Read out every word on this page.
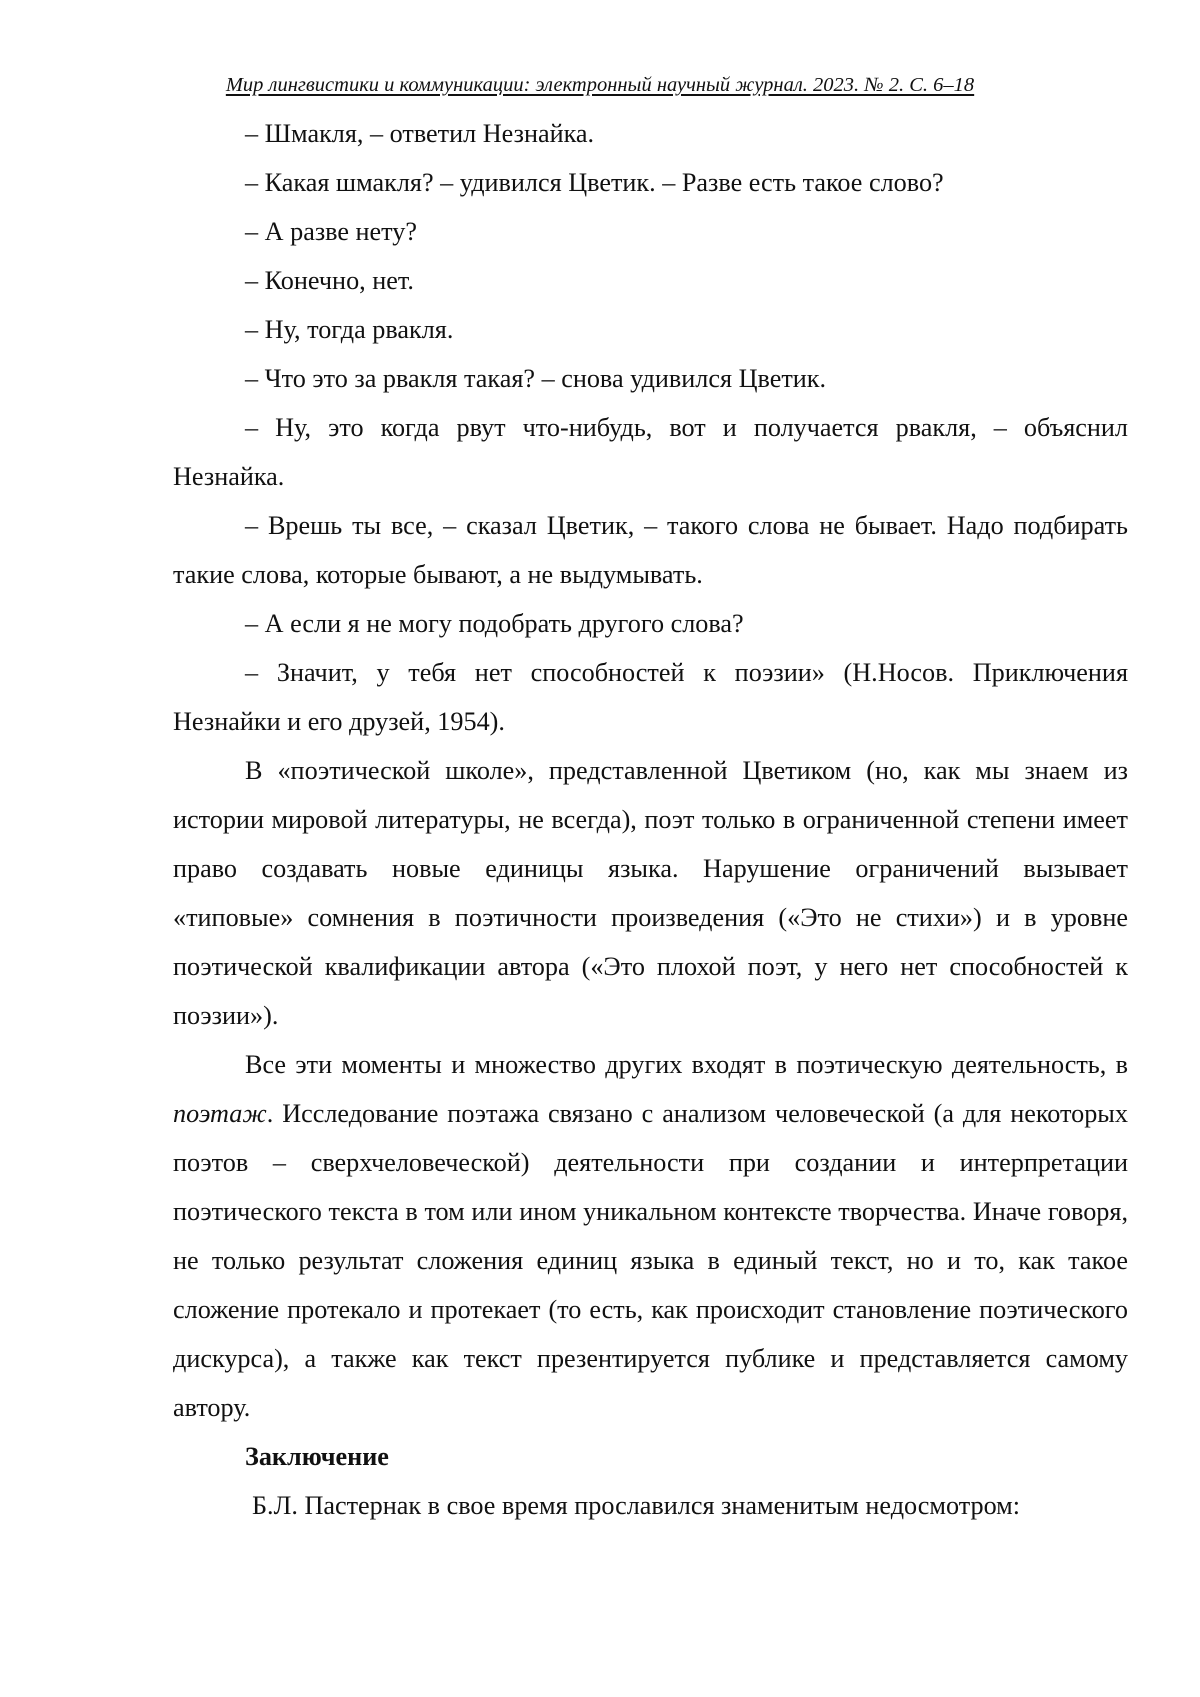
Мир лингвистики и коммуникации: электронный научный журнал. 2023. № 2. С. 6–18

– Шмакля, – ответил Незнайка.

– Какая шмакля? – удивился Цветик. – Разве есть такое слово?

– А разве нету?

– Конечно, нет.

– Ну, тогда рвакля.

– Что это за рвакля такая? – снова удивился Цветик.

– Ну, это когда рвут что-нибудь, вот и получается рвакля, – объяснил Незнайка.

– Врешь ты все, – сказал Цветик, – такого слова не бывает. Надо подбирать такие слова, которые бывают, а не выдумывать.

– А если я не могу подобрать другого слова?

– Значит, у тебя нет способностей к поэзии» (Н.Носов. Приключения Незнайки и его друзей, 1954).

В «поэтической школе», представленной Цветиком (но, как мы знаем из истории мировой литературы, не всегда), поэт только в ограниченной степени имеет право создавать новые единицы языка. Нарушение ограничений вызывает «типовые» сомнения в поэтичности произведения («Это не стихи») и в уровне поэтической квалификации автора («Это плохой поэт, у него нет способностей к поэзии»).

Все эти моменты и множество других входят в поэтическую деятельность, в поэтаж. Исследование поэтажа связано с анализом человеческой (а для некоторых поэтов – сверхчеловеческой) деятельности при создании и интерпретации поэтического текста в том или ином уникальном контексте творчества. Иначе говоря, не только результат сложения единиц языка в единый текст, но и то, как такое сложение протекало и протекает (то есть, как происходит становление поэтического дискурса), а также как текст презентируется публике и представляется самому автору.

Заключение

Б.Л. Пастернак в свое время прославился знаменитым недосмотром:
